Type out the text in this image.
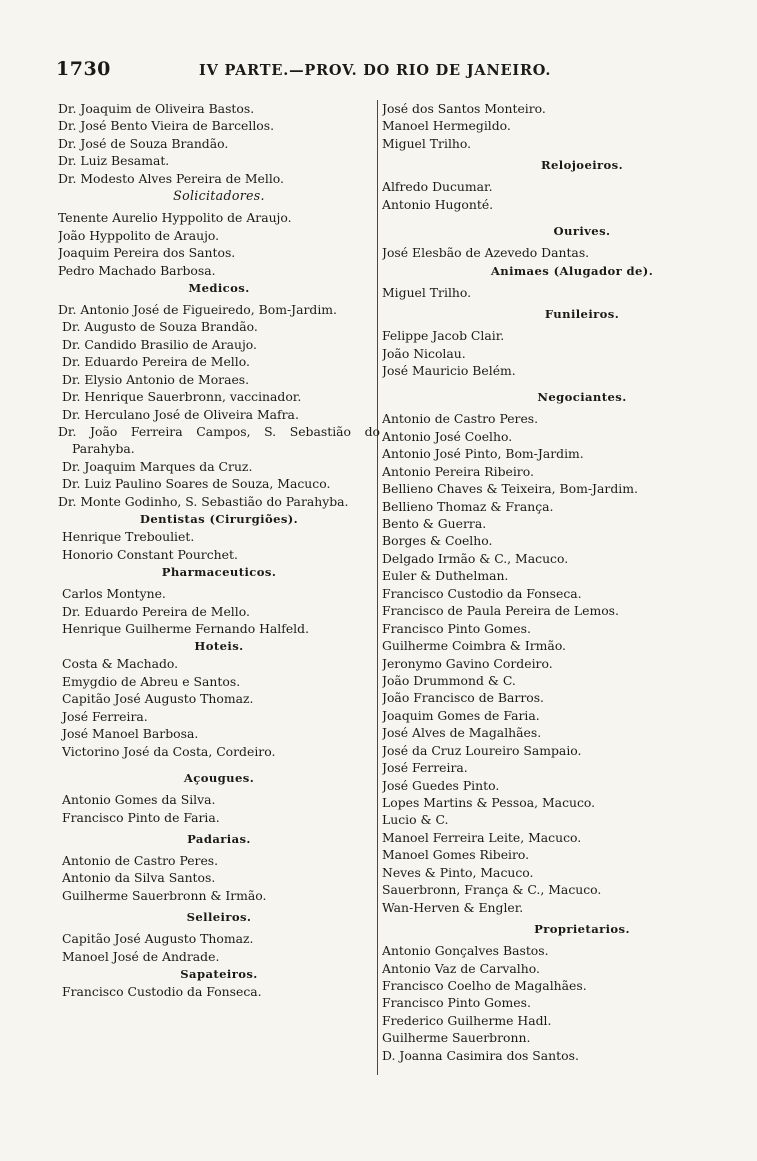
1730	IV PARTE.—PROV. DO RIO DE JANEIRO.
Dr. Joaquim de Oliveira Bastos.
Dr. José Bento Vieira de Barcellos.
Dr. José de Souza Brandão.
Dr. Luiz Besamat.
Dr. Modesto Alves Pereira de Mello.
Solicitadores.
Tenente Aurelio Hyppolito de Araujo.
João Hyppolito de Araujo.
Joaquim Pereira dos Santos.
Pedro Machado Barbosa.
Medicos.
Dr. Antonio José de Figueiredo, Bom-Jardim.
Dr. Augusto de Souza Brandão.
Dr. Candido Brasilio de Araujo.
Dr. Eduardo Pereira de Mello.
Dr. Elysio Antonio de Moraes.
Dr. Henrique Sauerbronn, vaccinador.
Dr. Herculano José de Oliveira Mafra.
Dr. João Ferreira Campos, S. Sebastião do Parahyba.
Dr. Joaquim Marques da Cruz.
Dr. Luiz Paulino Soares de Souza, Macuco.
Dr. Monte Godinho, S. Sebastião do Parahyba.
Dentistas (Cirurgiões).
Henrique Trebouliet.
Honorio Constant Pourchet.
Pharmaceuticos.
Carlos Montyne.
Dr. Eduardo Pereira de Mello.
Henrique Guilherme Fernando Halfeld.
Hoteis.
Costa & Machado.
Emygdio de Abreu e Santos.
Capitão José Augusto Thomaz.
José Ferreira.
José Manoel Barbosa.
Victorino José da Costa, Cordeiro.
Açougues.
Antonio Gomes da Silva.
Francisco Pinto de Faria.
Padarias.
Antonio de Castro Peres.
Antonio da Silva Santos.
Guilherme Sauerbronn & Irmão.
Selleiros.
Capitão José Augusto Thomaz.
Manoel José de Andrade.
Sapateiros.
Francisco Custodio da Fonseca.
José dos Santos Monteiro.
Manoel Hermegildo.
Miguel Trilho.
Relojoeiros.
Alfredo Ducumar.
Antonio Hugonté.
Ourives.
José Elesbão de Azevedo Dantas.
Animaes (Alugador de).
Miguel Trilho.
Funileiros.
Felippe Jacob Clair.
João Nicolau.
José Mauricio Belém.
Negociantes.
Antonio de Castro Peres.
Antonio José Coelho.
Antonio José Pinto, Bom-Jardim.
Antonio Pereira Ribeiro.
Bellieno Chaves & Teixeira, Bom-Jardim.
Bellieno Thomaz & França.
Bento & Guerra.
Borges & Coelho.
Delgado Irmão & C., Macuco.
Euler & Duthelman.
Francisco Custodio da Fonseca.
Francisco de Paula Pereira de Lemos.
Francisco Pinto Gomes.
Guilherme Coimbra & Irmão.
Jeronymo Gavino Cordeiro.
João Drummond & C.
João Francisco de Barros.
Joaquim Gomes de Faria.
José Alves de Magalhães.
José da Cruz Loureiro Sampaio.
José Ferreira.
José Guedes Pinto.
Lopes Martins & Pessoa, Macuco.
Lucio & C.
Manoel Ferreira Leite, Macuco.
Manoel Gomes Ribeiro.
Neves & Pinto, Macuco.
Sauerbronn, França & C., Macuco.
Wan-Herven & Engler.
Proprietarios.
Antonio Gonçalves Bastos.
Antonio Vaz de Carvalho.
Francisco Coelho de Magalhães.
Francisco Pinto Gomes.
Frederico Guilherme Hadl.
Guilherme Sauerbronn.
D. Joanna Casimira dos Santos.
